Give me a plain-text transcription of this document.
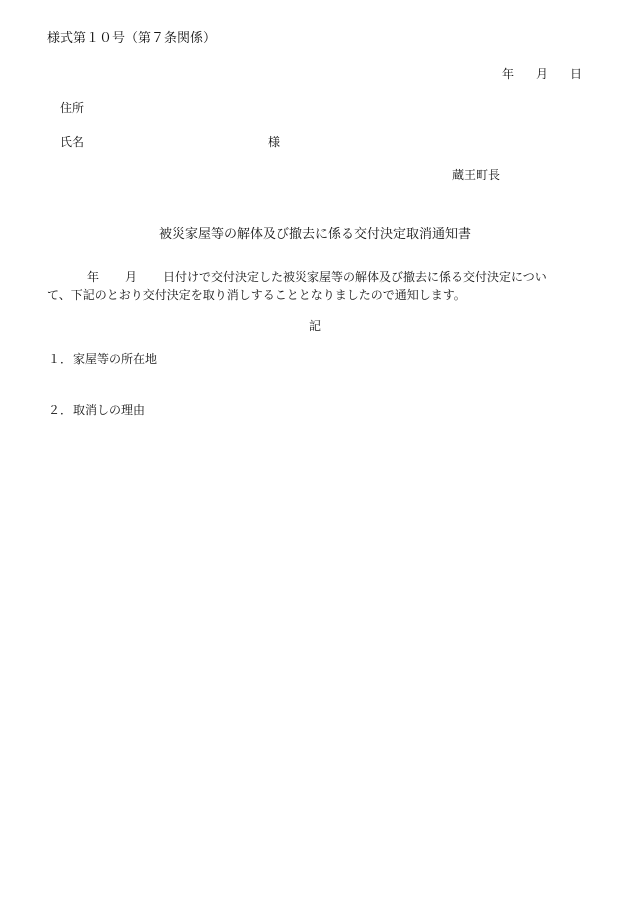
様式第１０号（第７条関係）
年 月 日
住所
氏名	様
蔵王町長
被災家屋等の解体及び撤去に係る交付決定取消通知書
年 月 日付けで交付決定した被災家屋等の解体及び撤去に係る交付決定につい
て、下記のとおり交付決定を取り消しすることとなりましたので通知します。
記
１．家屋等の所在地
２．取消しの理由
